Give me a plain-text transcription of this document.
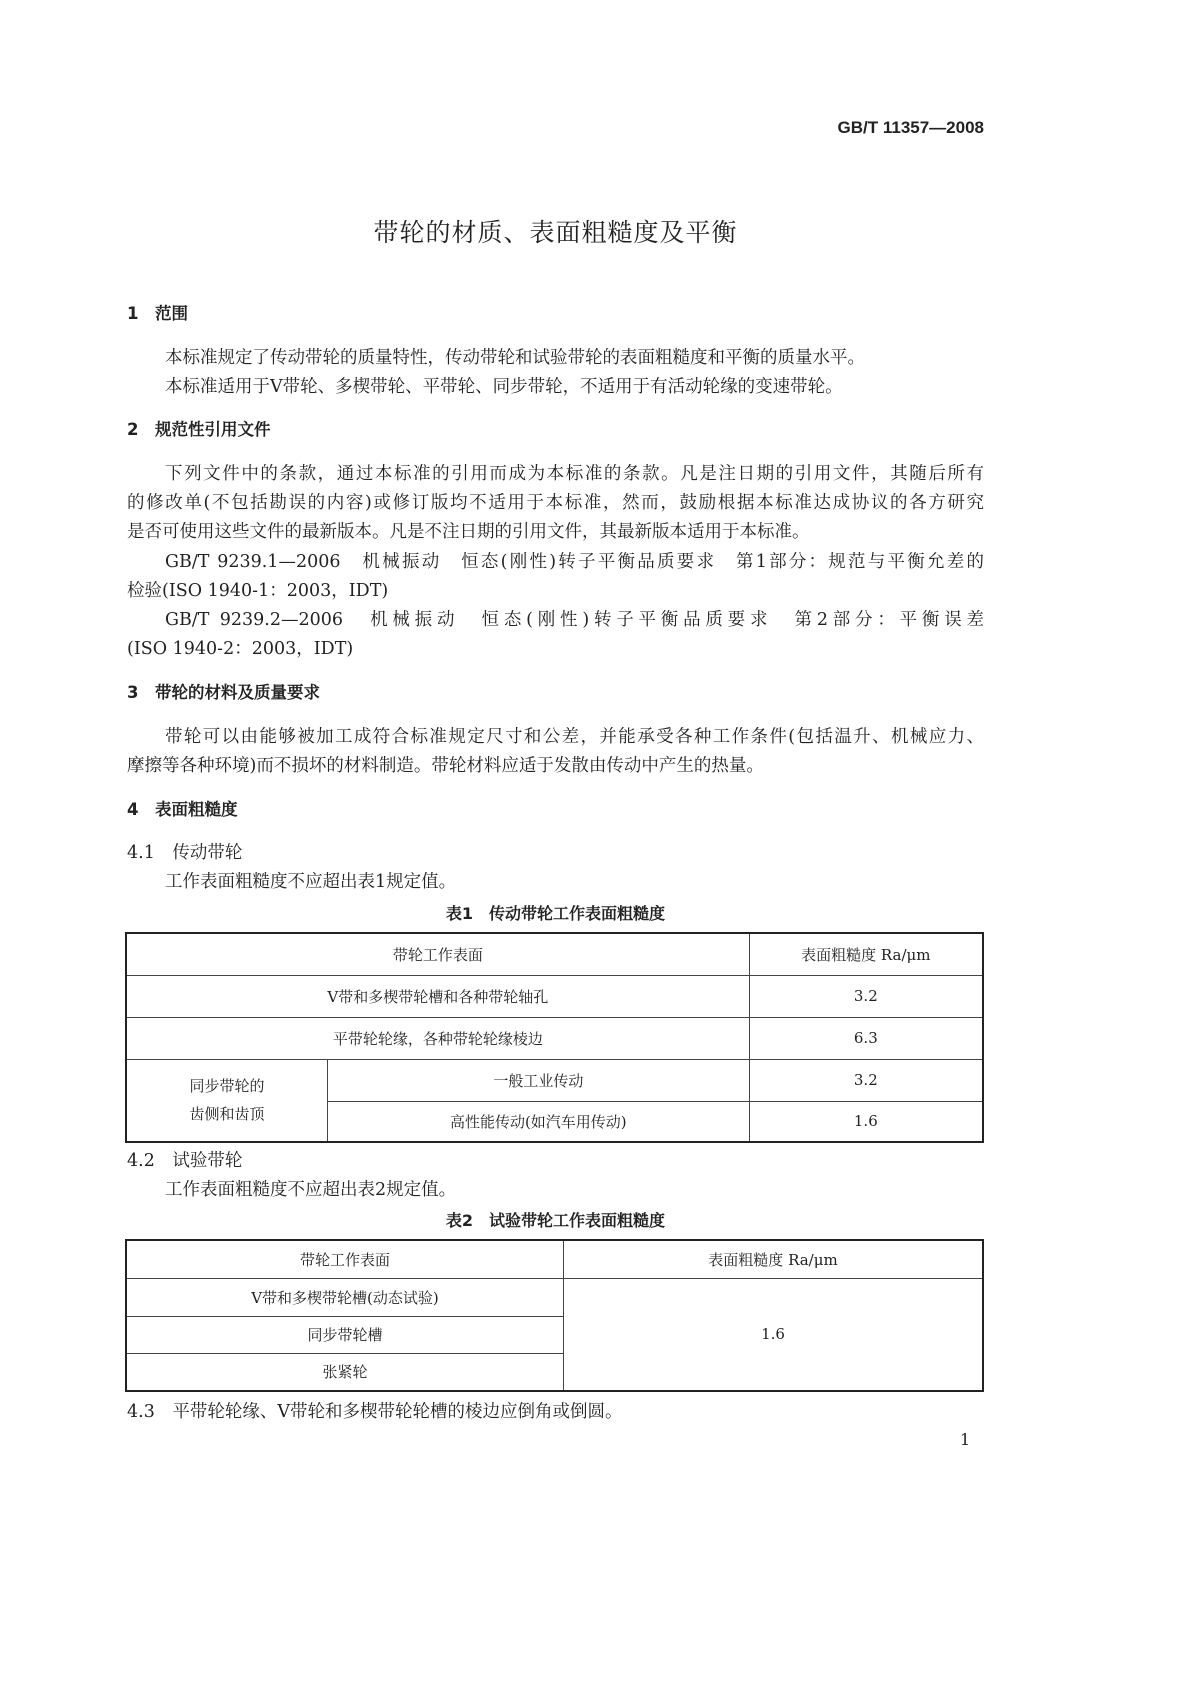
GB/T 11357—2008
带轮的材质、表面粗糙度及平衡
1　范围
本标准规定了传动带轮的质量特性，传动带轮和试验带轮的表面粗糙度和平衡的质量水平。
本标准适用于V带轮、多楔带轮、平带轮、同步带轮，不适用于有活动轮缘的变速带轮。
2　规范性引用文件
下列文件中的条款，通过本标准的引用而成为本标准的条款。凡是注日期的引用文件，其随后所有
的修改单(不包括勘误的内容)或修订版均不适用于本标准，然而，鼓励根据本标准达成协议的各方研究
是否可使用这些文件的最新版本。凡是不注日期的引用文件，其最新版本适用于本标准。
GB/T 9239.1—2006　机械振动　恒态(刚性)转子平衡品质要求　第1部分：规范与平衡允差的
检验(ISO 1940-1：2003，IDT)
GB/T 9239.2—2006　机械振动　恒态(刚性)转子平衡品质要求　第2部分：平衡误差
(ISO 1940-2：2003，IDT)
3　带轮的材料及质量要求
带轮可以由能够被加工成符合标准规定尺寸和公差，并能承受各种工作条件(包括温升、机械应力、
摩擦等各种环境)而不损坏的材料制造。带轮材料应适于发散由传动中产生的热量。
4　表面粗糙度
4.1　传动带轮
工作表面粗糙度不应超出表1规定值。
表1　传动带轮工作表面粗糙度
带轮工作表面		表面粗糙度 Ra/μm
V带和多楔带轮槽和各种带轮轴孔		3.2
平带轮轮缘，各种带轮轮缘棱边		6.3
同步带轮的
齿侧和齿顶	一般工业传动	3.2
	高性能传动(如汽车用传动)	1.6
4.2　试验带轮
工作表面粗糙度不应超出表2规定值。
表2　试验带轮工作表面粗糙度
带轮工作表面	表面粗糙度 Ra/μm
V带和多楔带轮槽(动态试验)	1.6
同步带轮槽	
张紧轮	
4.3　平带轮轮缘、V带轮和多楔带轮轮槽的棱边应倒角或倒圆。
1
